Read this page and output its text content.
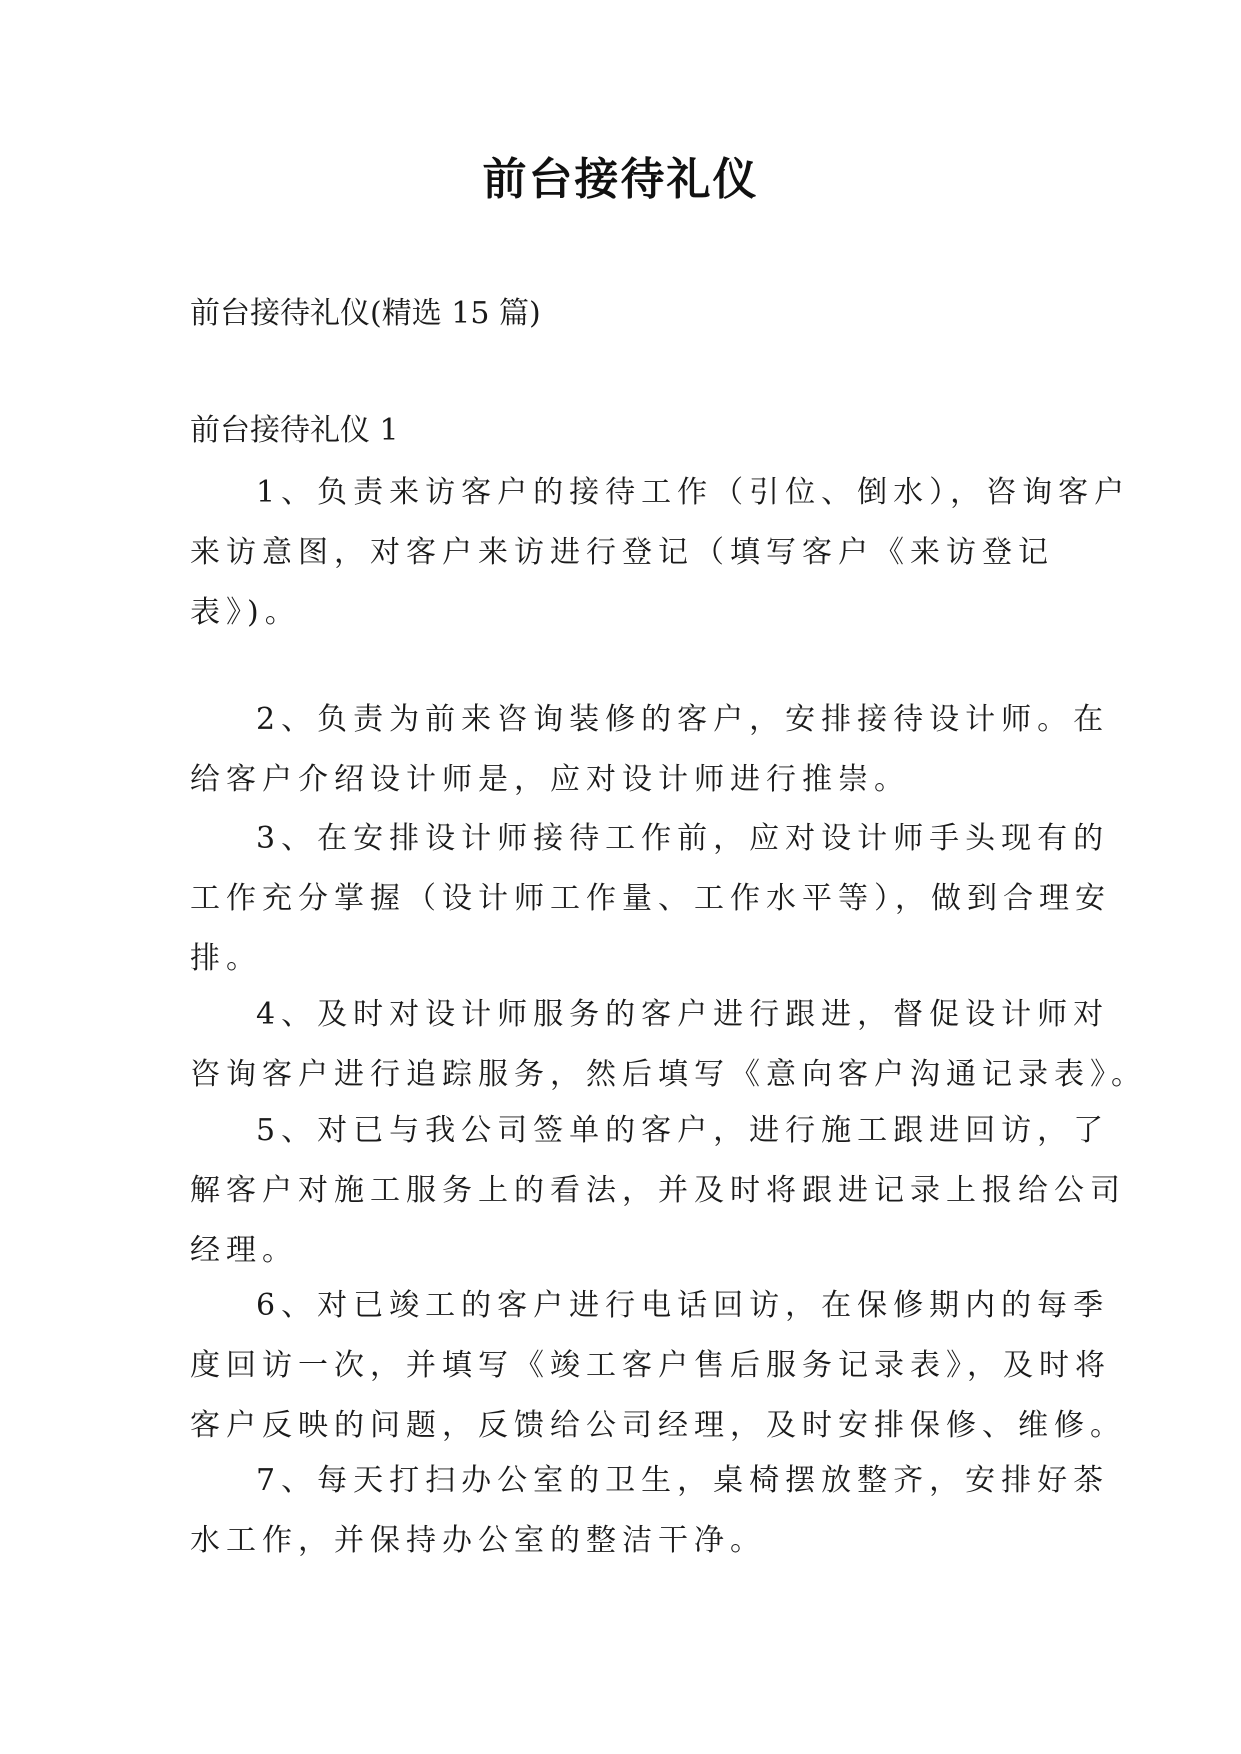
前台接待礼仪
前台接待礼仪(精选 15 篇)
前台接待礼仪 1
1、负责来访客户的接待工作（引位、倒水），咨询客户
来访意图，对客户来访进行登记（填写客户《来访登记
表》)。
2、负责为前来咨询装修的客户，安排接待设计师。在
给客户介绍设计师是，应对设计师进行推崇。
3、在安排设计师接待工作前，应对设计师手头现有的
工作充分掌握（设计师工作量、工作水平等），做到合理安
排。
4、及时对设计师服务的客户进行跟进，督促设计师对
咨询客户进行追踪服务，然后填写《意向客户沟通记录表》。
5、对已与我公司签单的客户，进行施工跟进回访，了
解客户对施工服务上的看法，并及时将跟进记录上报给公司
经理。
6、对已竣工的客户进行电话回访，在保修期内的每季
度回访一次，并填写《竣工客户售后服务记录表》，及时将
客户反映的问题，反馈给公司经理，及时安排保修、维修。
7、每天打扫办公室的卫生，桌椅摆放整齐，安排好茶
水工作，并保持办公室的整洁干净。
